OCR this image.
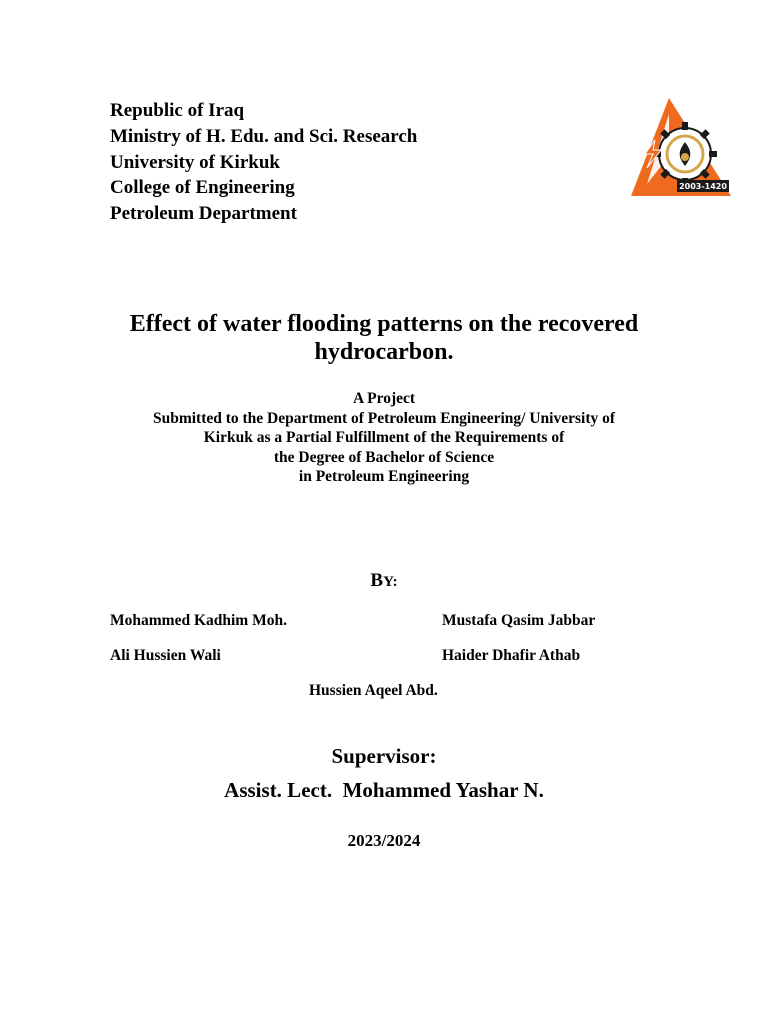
Republic of Iraq
Ministry of H. Edu. and Sci. Research
University of Kirkuk
College of Engineering
Petroleum Department
2003-1420
Effect of water flooding patterns on the recovered
hydrocarbon.
A Project
Submitted to the Department of Petroleum Engineering/ University of
Kirkuk as a Partial Fulfillment of the Requirements of
the Degree of Bachelor of Science
in Petroleum Engineering
BY:
Mohammed Kadhim Moh.	Mustafa Qasim Jabbar
Ali Hussien Wali	Haider Dhafir Athab
Hussien Aqeel Abd.
Supervisor:
Assist. Lect.  Mohammed Yashar N.
2023/2024
